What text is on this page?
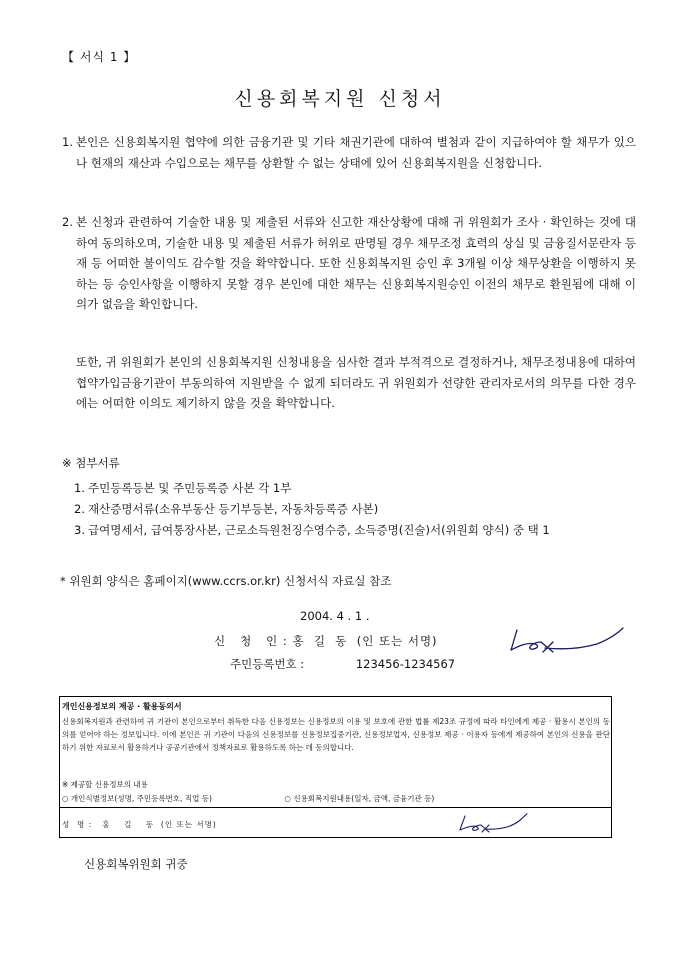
【 서식 1 】
신용회복지원 신청서
1. 본인은 신용회복지원 협약에 의한 금융기관 및 기타 채권기관에 대하여 별첨과 같이 지급하여야 할 채무가 있으나 현재의 재산과 수입으로는 채무를 상환할 수 없는 상태에 있어 신용회복지원을 신청합니다.
2. 본 신청과 관련하여 기술한 내용 및 제출된 서류와 신고한 재산상황에 대해 귀 위원회가 조사 · 확인하는 것에 대하여 동의하오며, 기술한 내용 및 제출된 서류가 허위로 판명될 경우 채무조정 효력의 상실 및 금융질서문란자 등재 등 어떠한 불이익도 감수할 것을 확약합니다. 또한 신용회복지원 승인 후 3개월 이상 채무상환을 이행하지 못하는 등 승인사항을 이행하지 못할 경우 본인에 대한 채무는 신용회복지원승인 이전의 채무로 환원됨에 대해 이의가 없음을 확인합니다.
또한, 귀 위원회가 본인의 신용회복지원 신청내용을 심사한 결과 부적격으로 결정하거나, 채무조정내용에 대하여 협약가입금융기관이 부동의하여 지원받을 수 없게 되더라도 귀 위원회가 선량한 관리자로서의 의무를 다한 경우에는 어떠한 이의도 제기하지 않을 것을 확약합니다.
※ 첨부서류
1. 주민등록등본 및 주민등록증 사본 각 1부
2. 재산증명서류(소유부동산 등기부등본, 자동차등록증 사본)
3. 급여명세서, 급여통장사본, 근로소득원천징수영수증, 소득증명(진술)서(위원회 양식) 중 택 1
* 위원회 양식은 홈페이지(www.ccrs.or.kr) 신청서식 자료실 참조
2004. 4 . 1 .
신   청   인 : 홍  길  동  (인 또는 서명)
주민등록번호 :	123456-1234567
개인신용정보의 제공 · 활용동의서
신용회복지원과 관련하여 귀 기관이 본인으로부터 취득한 다음 신용정보는 신용정보의 이용 및 보호에 관한 법률 제23조 규정에 따라 타인에게 제공 · 활용시 본인의 동의를 얻어야 하는 정보입니다. 이에 본인은 귀 기관이 다음의 신용정보를 신용정보집중기관, 신용정보업자, 신용정보 제공 · 이용자 등에게 제공하여 본인의 신용을 판단하기 위한 자료로서 활용하거나 공공기관에서 정책자료로 활용하도록 하는 데 동의합니다.
※ 제공할 신용정보의 내용
○ 개인식별정보(성명, 주민등록번호, 직업 등)	○ 신용회복지원내용(일자, 금액, 금융기관 등)
성  명 :   홍    길    동  (인 또는 서명)
신용회복위원회 귀중
